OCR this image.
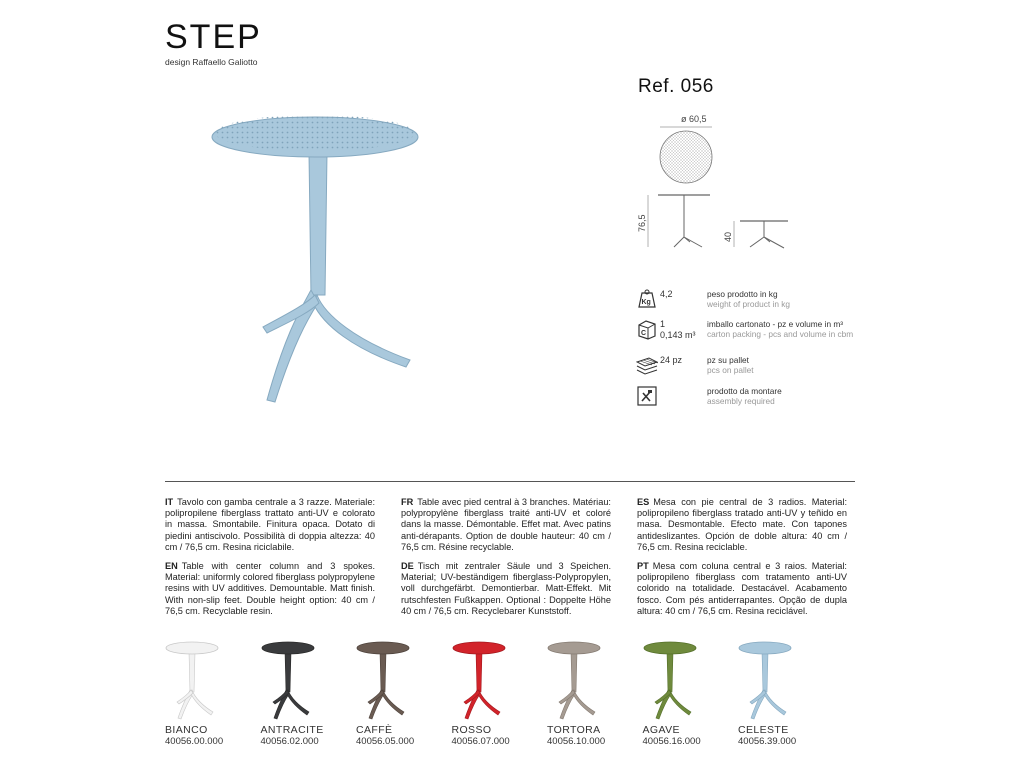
STEP
design Raffaello Galiotto
Ref. 056
ø 60,5
76,5
40
Kg
4,2	peso prodotto in kg
weight of product in kg
C
1
0,143 m³
imballo cartonato - pz e volume in m³
carton packing - pcs and volume in cbm
24 pz	pz su pallet
pcs on pallet
prodotto da montare
assembly required

IT Tavolo con gamba centrale a 3 razze. Materiale: polipropilene fiberglass trattato anti-UV e colorato in massa. Smontabile. Finitura opaca. Dotato di piedini antiscivolo. Possibilità di doppia altezza: 40 cm / 76,5 cm. Resina riciclabile.

EN Table with center column and 3 spokes. Material: uniformly colored fiberglass polypropylene resins with UV additives. Demountable. Matt finish. With non-slip feet. Double height option: 40 cm / 76,5 cm. Recyclable resin.

FR Table avec pied central à 3 branches. Matériau: polypropylène fiberglass traité anti-UV et coloré dans la masse. Démontable. Effet mat. Avec patins anti-dérapants. Option de double hauteur: 40 cm / 76,5 cm. Résine recyclable.

DE Tisch mit zentraler Säule und 3 Speichen. Material; UV-beständigem fiberglass-Polypropylen, voll durchgefärbt. Demontierbar. Matt-Effekt. Mit rutschfesten Fußkappen. Optional : Doppelte Höhe 40 cm / 76,5 cm. Recyclebarer Kunststoff.

ES Mesa con pie central de 3 radios. Material: polipropileno fiberglass tratado anti-UV y teñido en masa. Desmontable. Efecto mate. Con tapones antideslizantes. Opción de doble altura: 40 cm / 76,5 cm. Resina reciclable.

PT Mesa com coluna central e 3 raios. Material: polipropileno fiberglass com tratamento anti-UV colorido na totalidade. Destacável. Acabamento fosco. Com pés antiderrapantes. Opção de dupla altura: 40 cm / 76,5 cm. Resina reciclável.

BIANCO
40056.00.000
ANTRACITE
40056.02.000
CAFFÈ
40056.05.000
ROSSO
40056.07.000
TORTORA
40056.10.000
AGAVE
40056.16.000
CELESTE
40056.39.000
